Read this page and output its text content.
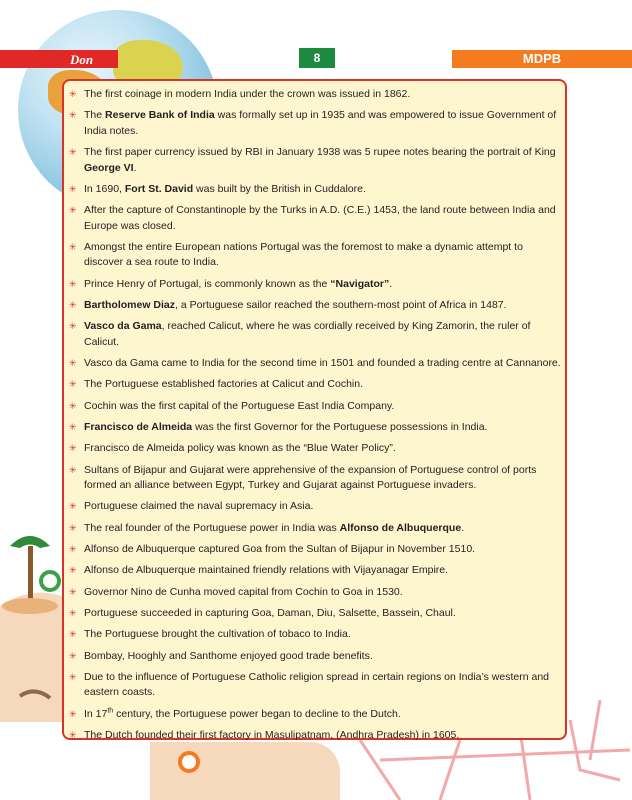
Don	8	MDPB
✳ The first coinage in modern India under the crown was issued in 1862.
✳ The Reserve Bank of India was formally set up in 1935 and was empowered to issue Government of India notes.
✳ The first paper currency issued by RBI in January 1938 was 5 rupee notes bearing the portrait of King George VI.
✳ In 1690, Fort St. David was built by the British in Cuddalore.
✳ After the capture of Constantinople by the Turks in A.D. (C.E.) 1453, the land route between India and Europe was closed.
✳ Amongst the entire European nations Portugal was the foremost to make a dynamic attempt to discover a sea route to India.
✳ Prince Henry of Portugal, is commonly known as the “Navigator”.
✳ Bartholomew Diaz, a Portuguese sailor reached the southern-most point of Africa in 1487.
✳ Vasco da Gama, reached Calicut, where he was cordially received by King Zamorin, the ruler of Calicut.
✳ Vasco da Gama came to India for the second time in 1501 and founded a trading centre at Cannanore.
✳ The Portuguese established factories at Calicut and Cochin.
✳ Cochin was the first capital of the Portuguese East India Company.
✳ Francisco de Almeida was the first Governor for the Portuguese possessions in India.
✳ Francisco de Almeida policy was known as the “Blue Water Policy”.
✳ Sultans of Bijapur and Gujarat were apprehensive of the expansion of Portuguese control of ports formed an alliance between Egypt, Turkey and Gujarat against Portuguese invaders.
✳ Portuguese claimed the naval supremacy in Asia.
✳ The real founder of the Portuguese power in India was Alfonso de Albuquerque.
✳ Alfonso de Albuquerque captured Goa from the Sultan of Bijapur in November 1510.
✳ Alfonso de Albuquerque maintained friendly relations with Vijayanagar Empire.
✳ Governor Nino de Cunha moved capital from Cochin to Goa in 1530.
✳ Portuguese succeeded in capturing Goa, Daman, Diu, Salsette, Bassein, Chaul.
✳ The Portuguese brought the cultivation of tobaco to India.
✳ Bombay, Hooghly and Santhome enjoyed good trade benefits.
✳ Due to the influence of Portuguese Catholic religion spread in certain regions on India’s western and eastern coasts.
✳ In 17th century, the Portuguese power began to decline to the Dutch.
✳ The Dutch founded their first factory in Masulipatnam, (Andhra Pradesh) in 1605.
